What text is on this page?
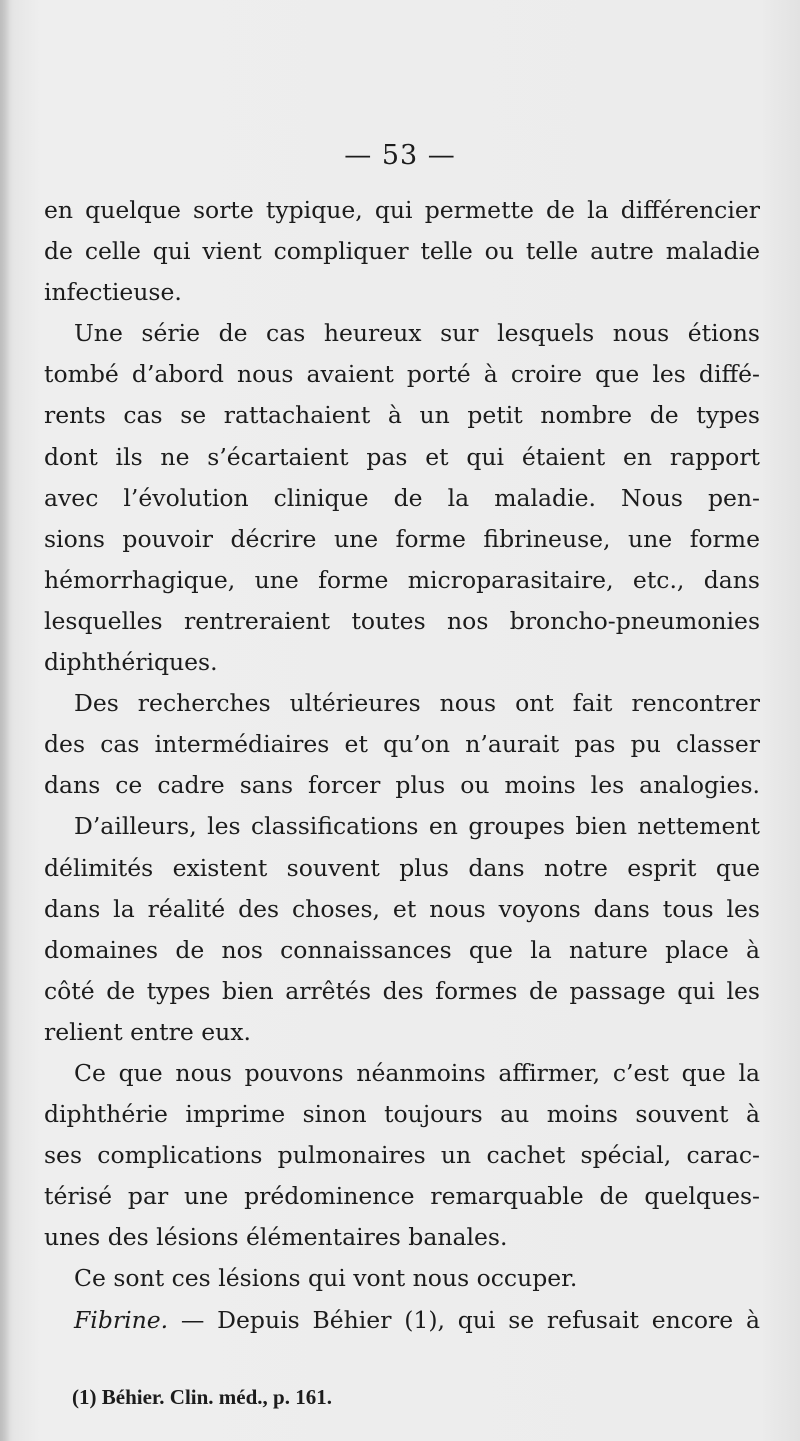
— 53 —
en quelque sorte typique, qui permette de la différencier
de celle qui vient compliquer telle ou telle autre maladie
infectieuse.
Une série de cas heureux sur lesquels nous étions
tombé d’abord nous avaient porté à croire que les diffé-
rents cas se rattachaient à un petit nombre de types
dont ils ne s’écartaient pas et qui étaient en rapport
avec l’évolution clinique de la maladie. Nous pen-
sions pouvoir décrire une forme fibrineuse, une forme
hémorrhagique, une forme microparasitaire, etc., dans
lesquelles rentreraient toutes nos broncho-pneumonies
diphthériques.
Des recherches ultérieures nous ont fait rencontrer
des cas intermédiaires et qu’on n’aurait pas pu classer
dans ce cadre sans forcer plus ou moins les analogies.
D’ailleurs, les classifications en groupes bien nettement
délimités existent souvent plus dans notre esprit que
dans la réalité des choses, et nous voyons dans tous les
domaines de nos connaissances que la nature place à
côté de types bien arrêtés des formes de passage qui les
relient entre eux.
Ce que nous pouvons néanmoins affirmer, c’est que la
diphthérie imprime sinon toujours au moins souvent à
ses complications pulmonaires un cachet spécial, carac-
térisé par une prédominence remarquable de quelques-
unes des lésions élémentaires banales.
Ce sont ces lésions qui vont nous occuper.
Fibrine. — Depuis Béhier (1), qui se refusait encore à
(1) Béhier. Clin. méd., p. 161.
